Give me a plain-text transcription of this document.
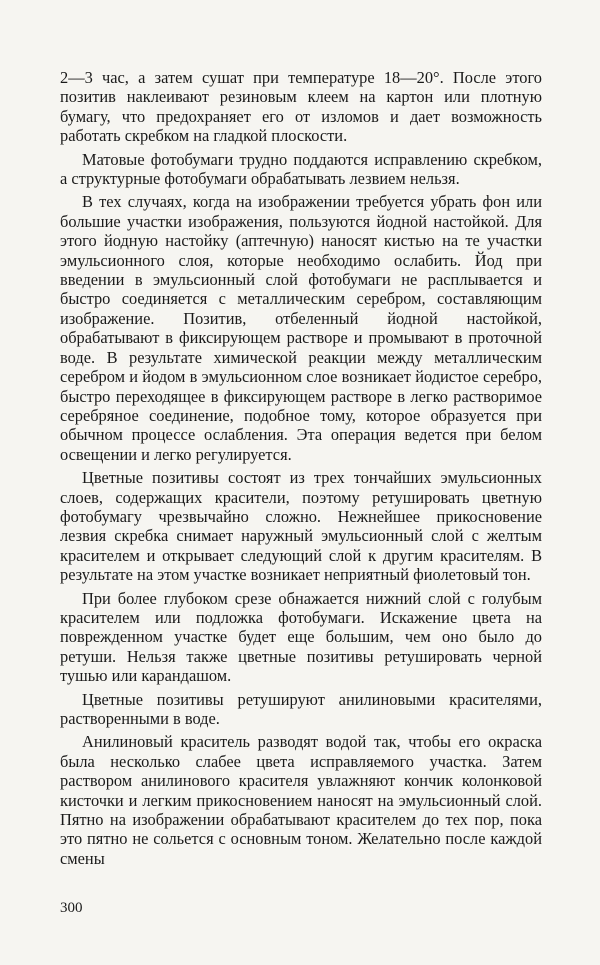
2—3 час, а затем сушат при температуре 18—20°. После этого позитив наклеивают резиновым клеем на картон или плотную бумагу, что предохраняет его от изломов и дает возможность работать скребком на гладкой плоскости.

Матовые фотобумаги трудно поддаются исправлению скребком, а структурные фотобумаги обрабатывать лезвием нельзя.

В тех случаях, когда на изображении требуется убрать фон или большие участки изображения, пользуются йодной настойкой. Для этого йодную настойку (аптечную) наносят кистью на те участки эмульсионного слоя, которые необходимо ослабить. Йод при введении в эмульсионный слой фотобумаги не расплывается и быстро соединяется с металлическим серебром, составляющим изображение. Позитив, отбеленный йодной настойкой, обрабатывают в фиксирующем растворе и промывают в проточной воде. В результате химической реакции между металлическим серебром и йодом в эмульсионном слое возникает йодистое серебро, быстро переходящее в фиксирующем растворе в легко растворимое серебряное соединение, подобное тому, которое образуется при обычном процессе ослабления. Эта операция ведется при белом освещении и легко регулируется.

Цветные позитивы состоят из трех тончайших эмульсионных слоев, содержащих красители, поэтому ретушировать цветную фотобумагу чрезвычайно сложно. Нежнейшее прикосновение лезвия скребка снимает наружный эмульсионный слой с желтым красителем и открывает следующий слой к другим красителям. В результате на этом участке возникает неприятный фиолетовый тон.

При более глубоком срезе обнажается нижний слой с голубым красителем или подложка фотобумаги. Искажение цвета на поврежденном участке будет еще большим, чем оно было до ретуши. Нельзя также цветные позитивы ретушировать черной тушью или карандашом.

Цветные позитивы ретушируют анилиновыми красителями, растворенными в воде.

Анилиновый краситель разводят водой так, чтобы его окраска была несколько слабее цвета исправляемого участка. Затем раствором анилинового красителя увлажняют кончик колонковой кисточки и легким прикосновением наносят на эмульсионный слой. Пятно на изображении обрабатывают красителем до тех пор, пока это пятно не сольется с основным тоном. Желательно после каждой смены

300
